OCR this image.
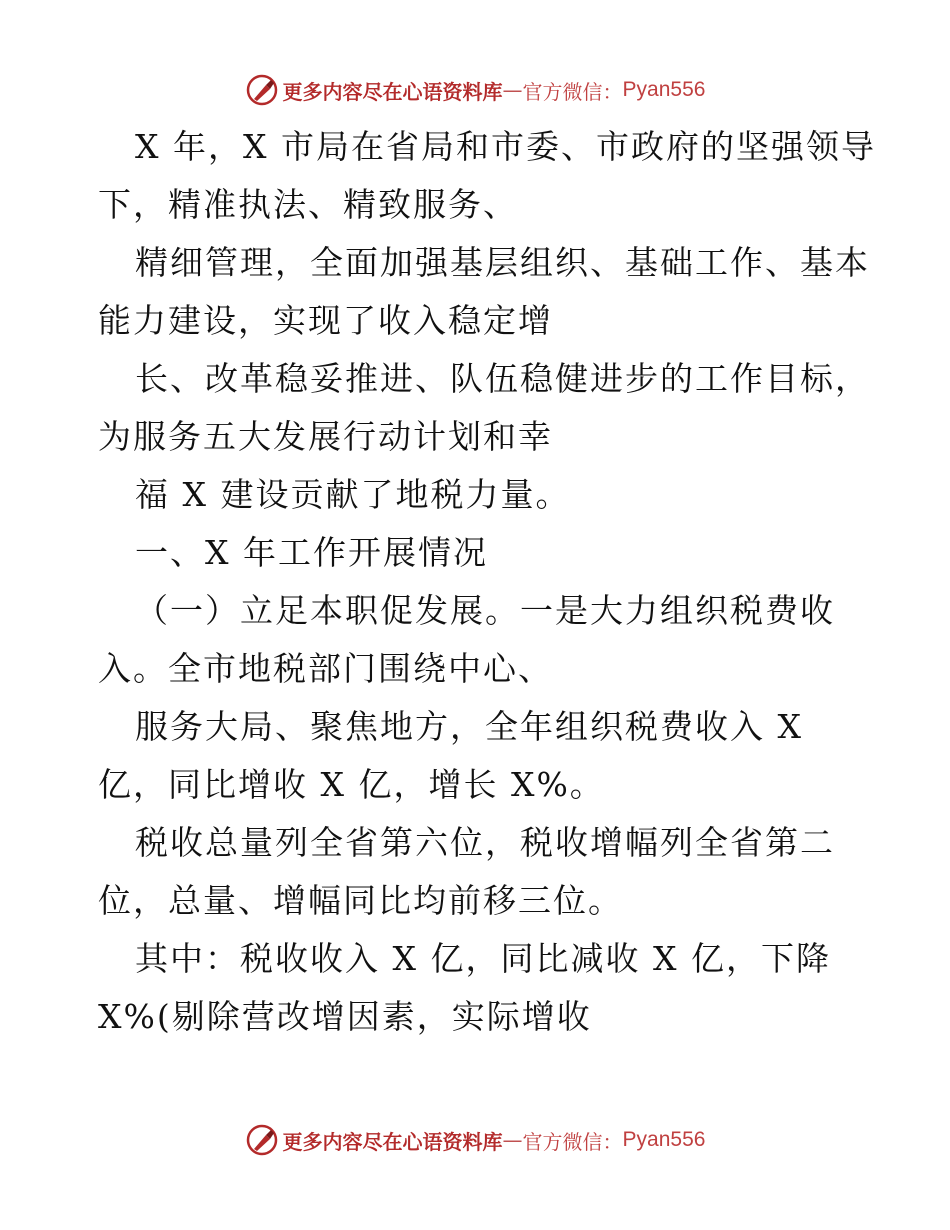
更多内容尽在心语资料库 — 官方微信： Pyan556
X 年，X 市局在省局和市委、市政府的坚强领导
下，精准执法、精致服务、
精细管理，全面加强基层组织、基础工作、基本
能力建设，实现了收入稳定增
长、改革稳妥推进、队伍稳健进步的工作目标，
为服务五大发展行动计划和幸
福 X 建设贡献了地税力量。
一、X 年工作开展情况
（一）立足本职促发展。一是大力组织税费收
入。全市地税部门围绕中心、
服务大局、聚焦地方，全年组织税费收入 X
亿，同比增收 X 亿，增长 X%。
税收总量列全省第六位，税收增幅列全省第二
位，总量、增幅同比均前移三位。
其中：税收收入 X 亿，同比减收 X 亿，下降
X%(剔除营改增因素，实际增收
更多内容尽在心语资料库 — 官方微信： Pyan556
